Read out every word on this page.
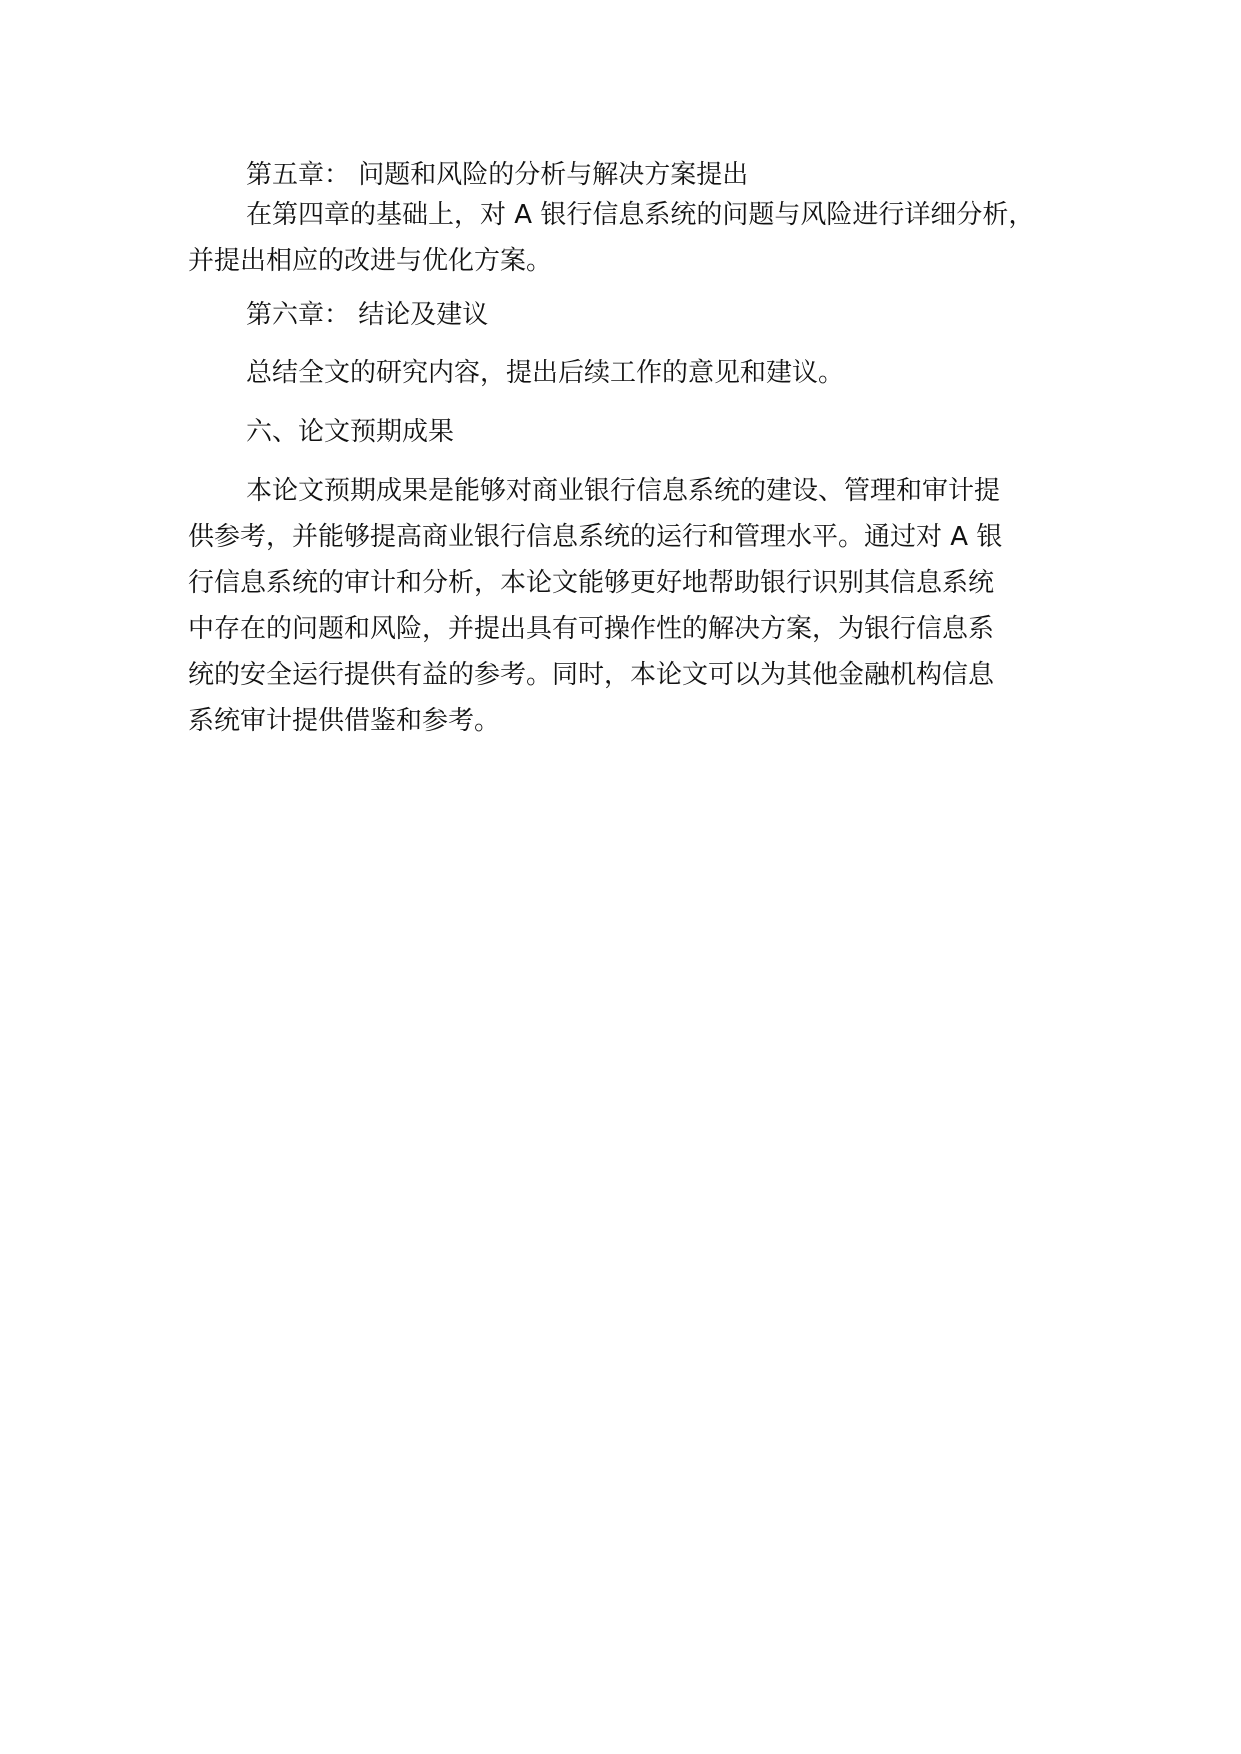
第五章： 问题和风险的分析与解决方案提出

在第四章的基础上，对 A 银行信息系统的问题与风险进行详细分析，
并提出相应的改进与优化方案。

第六章： 结论及建议

总结全文的研究内容，提出后续工作的意见和建议。

六、论文预期成果

本论文预期成果是能够对商业银行信息系统的建设、管理和审计提
供参考，并能够提高商业银行信息系统的运行和管理水平。通过对 A 银
行信息系统的审计和分析，本论文能够更好地帮助银行识别其信息系统
中存在的问题和风险，并提出具有可操作性的解决方案，为银行信息系
统的安全运行提供有益的参考。同时，本论文可以为其他金融机构信息
系统审计提供借鉴和参考。
